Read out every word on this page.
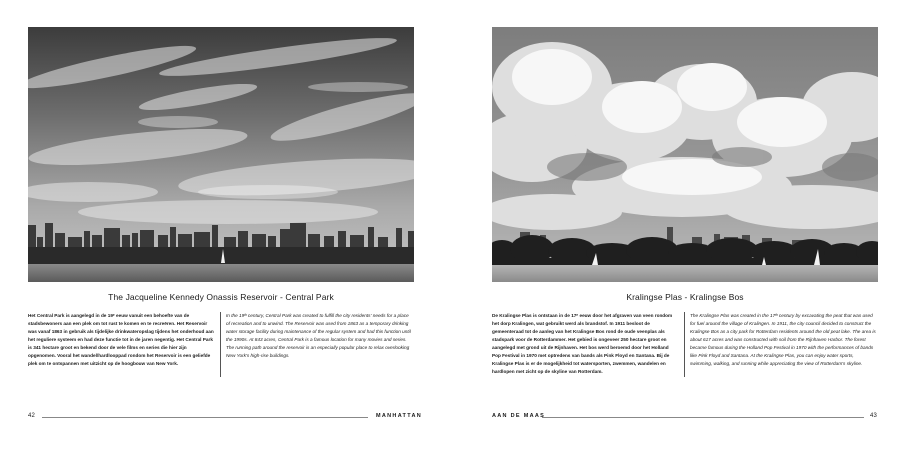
The Jacqueline Kennedy Onassis Reservoir - Central Park
Het Central Park is aangelegd in de 19ᵉ eeuw vanuit een behoefte van de stadsbewoners aan een plek om tot rust te komen en te recreëren. Het Reservoir was vanaf 1863 in gebruik als tijdelijke drinkwateropslag tijdens het onderhoud aan het reguliere systeem en had deze functie tot in de jaren negentig. Het Central Park is 341 hectare groot en bekend door de vele films en series die hier zijn opgenomen. Vooral het wandel/hardlooppad rondom het Reservoir is een geliefde plek om te ontspannen met uitzicht op de hoogbouw van New York.
In the 19ᵗʰ century, Central Park was created to fulfill the city residents' needs for a place of recreation and to unwind. The Reservoir was used from 1863 as a temporary drinking water storage facility during maintenance of the regular system and had this function until the 1990s. At 843 acres, Central Park is a famous location for many movies and series. The running path around the reservoir is an especially popular place to relax overlooking New York's high-rise buildings.
42	MANHATTAN
Kralingse Plas - Kralingse Bos
De Kralingse Plas is ontstaan in de 17ᵉ eeuw door het afgraven van veen rondom het dorp Kralingen, wat gebruikt werd als brandstof. In 1911 besloot de gemeenteraad tot de aanleg van het Kralingse Bos rond de oude veenplas als stadspark voor de Rotterdammer. Het gebied is ongeveer 250 hectare groot en aangelegd met grond uit de Rijnhaven. Het bos werd beroemd door het Holland Pop Festival in 1970 met optredens van bands als Pink Floyd en Santana. Bij de Kralingse Plas is er de mogelijkheid tot watersporten, zwemmen, wandelen en hardlopen met zicht op de skyline van Rotterdam.
The Kralingse Plas was created in the 17ᵗʰ century by excavating the peat that was used for fuel around the village of Kralingen. In 1911, the city council decided to construct the Kralingse Bos as a city park for Rotterdam residents around the old peat lake. The area is about 617 acres and was constructed with soil from the Rijnhaven Harbor. The forest became famous during the Holland Pop Festival in 1970 with the performances of bands like Pink Floyd and Santana. At the Kralingse Plas, you can enjoy water sports, swimming, walking, and running while appreciating the view of Rotterdam's skyline.
AAN DE MAAS	43
